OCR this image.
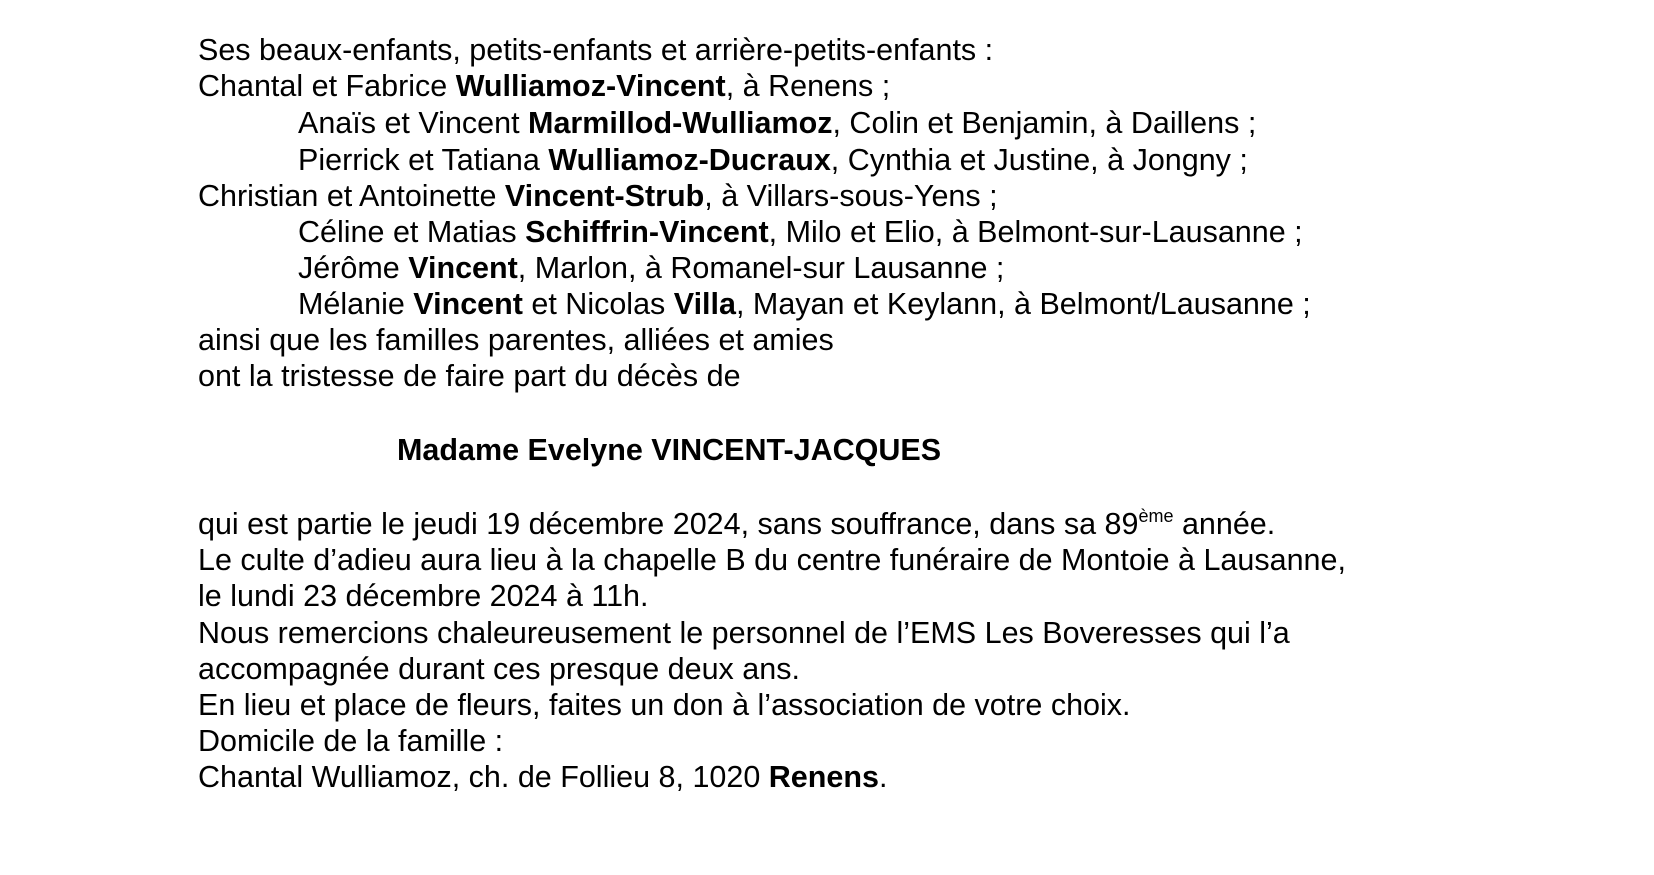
Ses beaux-enfants, petits-enfants et arrière-petits-enfants :

Chantal et Fabrice Wulliamoz-Vincent, à Renens ;

Anaïs et Vincent Marmillod-Wulliamoz, Colin et Benjamin, à Daillens ;

Pierrick et Tatiana Wulliamoz-Ducraux, Cynthia et Justine, à Jongny ;

Christian et Antoinette Vincent-Strub, à Villars-sous-Yens ;

Céline et Matias Schiffrin-Vincent, Milo et Elio, à Belmont-sur-Lausanne ;

Jérôme Vincent, Marlon, à Romanel-sur Lausanne ;

Mélanie Vincent et Nicolas Villa, Mayan et Keylann, à Belmont/Lausanne ;

ainsi que les familles parentes, alliées et amies

ont la tristesse de faire part du décès de

Madame Evelyne VINCENT-JACQUES

qui est partie le jeudi 19 décembre 2024, sans souffrance, dans sa 89ème année.

Le culte d’adieu aura lieu à la chapelle B du centre funéraire de Montoie à Lausanne,

le lundi 23 décembre 2024 à 11h.

Nous remercions chaleureusement le personnel de l’EMS Les Boveresses qui l’a

accompagnée durant ces presque deux ans.

En lieu et place de fleurs, faites un don à l’association de votre choix.

Domicile de la famille :

Chantal Wulliamoz, ch. de Follieu 8, 1020 Renens.
